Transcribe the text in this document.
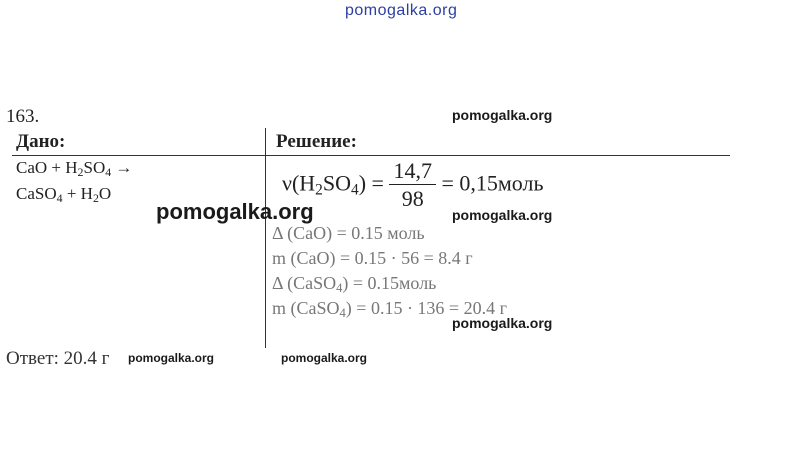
pomogalka.org
163.	pomogalka.org
Дано:	Решение:
CaO + $H_2SO_4$ →
CaSO$_4$ + $H_2O$	$\nu(H_2SO_4) = \frac{14,7}{98}$ = 0,15моль
pomogalka.org	pomogalka.org
Δ (CaO) = 0.15 моль
m (CaO) = 0.15 · 56 = 8.4 г
Δ (CaSO$_4$) = 0.15моль
m (CaSO$_4$) = 0.15 · 136 = 20.4 г
pomogalka.org
Ответ: 20.4 г pomogalka.org	pomogalka.org
